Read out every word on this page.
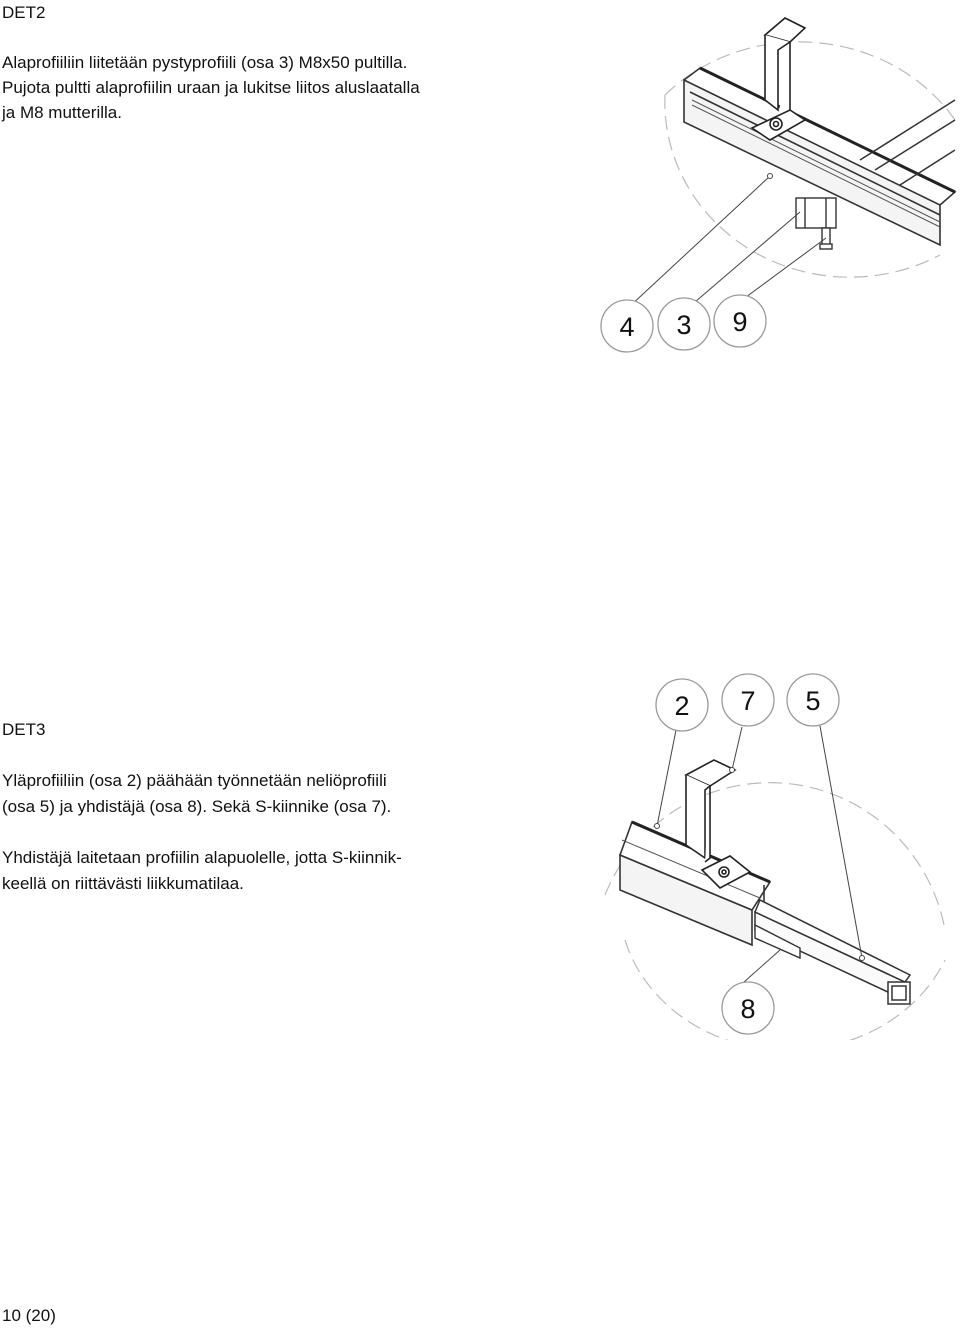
DET2

Alaprofiiliin liitetään pystyprofiili (osa 3) M8x50 pultilla.

Pujota pultti alaprofiilin uraan ja lukitse liitos aluslaatalla

ja M8 mutterilla.

DET3

Yläprofiiliin (osa 2) päähään työnnetään neliöprofiili

(osa 5) ja yhdistäjä (osa 8). Sekä S-kiinnike (osa 7).

Yhdistäjä laitetaan profiilin alapuolelle, jotta S-kiinnik-

keellä on riittävästi liikkumatilaa.

10 (20)

4 3 9
2 7 5
8
